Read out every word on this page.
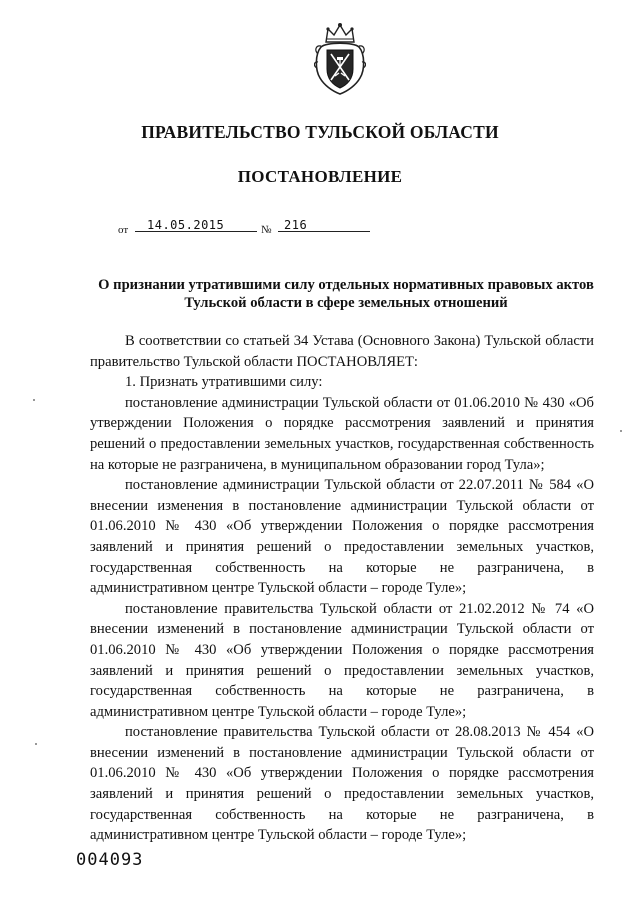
ПРАВИТЕЛЬСТВО ТУЛЬСКОЙ ОБЛАСТИ
ПОСТАНОВЛЕНИЕ
от	14.05.2015	№	216
О признании утратившими силу отдельных нормативных правовых актов Тульской области в сфере земельных отношений

В соответствии со статьей 34 Устава (Основного Закона) Тульской области правительство Тульской области ПОСТАНОВЛЯЕТ:

1. Признать утратившими силу:

постановление администрации Тульской области от 01.06.2010 № 430 «Об утверждении Положения о порядке рассмотрения заявлений и принятия решений о предоставлении земельных участков, государственная собственность на которые не разграничена, в муниципальном образовании город Тула»;

постановление администрации Тульской области от 22.07.2011 № 584 «О внесении изменения в постановление администрации Тульской области от 01.06.2010 № 430 «Об утверждении Положения о порядке рассмотрения заявлений и принятия решений о предоставлении земельных участков, государственная собственность на которые не разграничена, в административном центре Тульской области – городе Туле»;

постановление правительства Тульской области от 21.02.2012 № 74 «О внесении изменений в постановление администрации Тульской области от 01.06.2010 № 430 «Об утверждении Положения о порядке рассмотрения заявлений и принятия решений о предоставлении земельных участков, государственная собственность на которые не разграничена, в административном центре Тульской области – городе Туле»;

постановление правительства Тульской области от 28.08.2013 № 454 «О внесении изменений в постановление администрации Тульской области от 01.06.2010 № 430 «Об утверждении Положения о порядке рассмотрения заявлений и принятия решений о предоставлении земельных участков, государственная собственность на которые не разграничена, в административном центре Тульской области – городе Туле»;

004093
